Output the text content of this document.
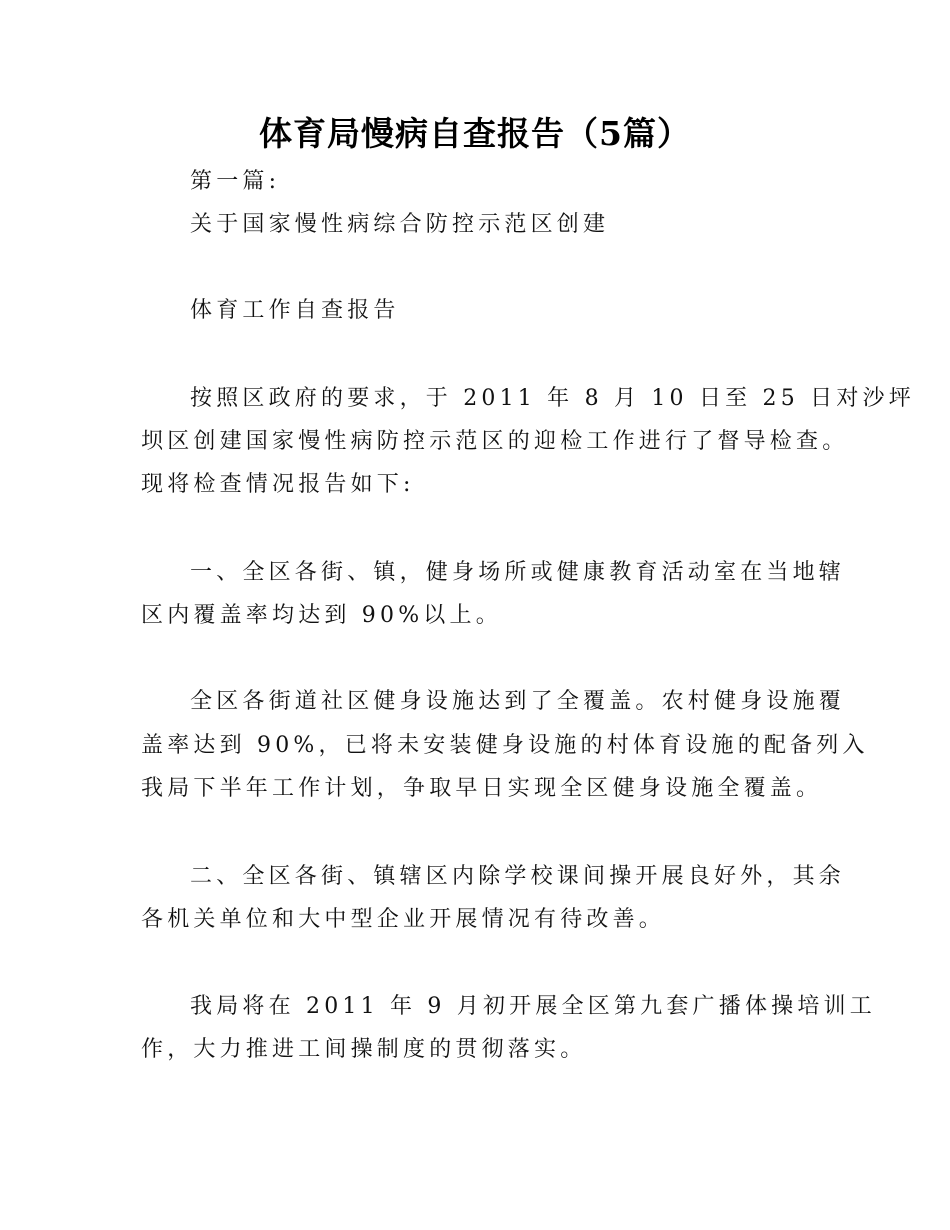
体育局慢病自查报告（5篇）
第一篇:
关于国家慢性病综合防控示范区创建
体育工作自查报告
按照区政府的要求，于 2011 年 8 月 10 日至 25 日对沙坪
坝区创建国家慢性病防控示范区的迎检工作进行了督导检查。
现将检查情况报告如下:
一、全区各街、镇，健身场所或健康教育活动室在当地辖
区内覆盖率均达到 90%以上。
全区各街道社区健身设施达到了全覆盖。农村健身设施覆
盖率达到 90%，已将未安装健身设施的村体育设施的配备列入
我局下半年工作计划，争取早日实现全区健身设施全覆盖。
二、全区各街、镇辖区内除学校课间操开展良好外，其余
各机关单位和大中型企业开展情况有待改善。
我局将在 2011 年 9 月初开展全区第九套广播体操培训工
作，大力推进工间操制度的贯彻落实。
